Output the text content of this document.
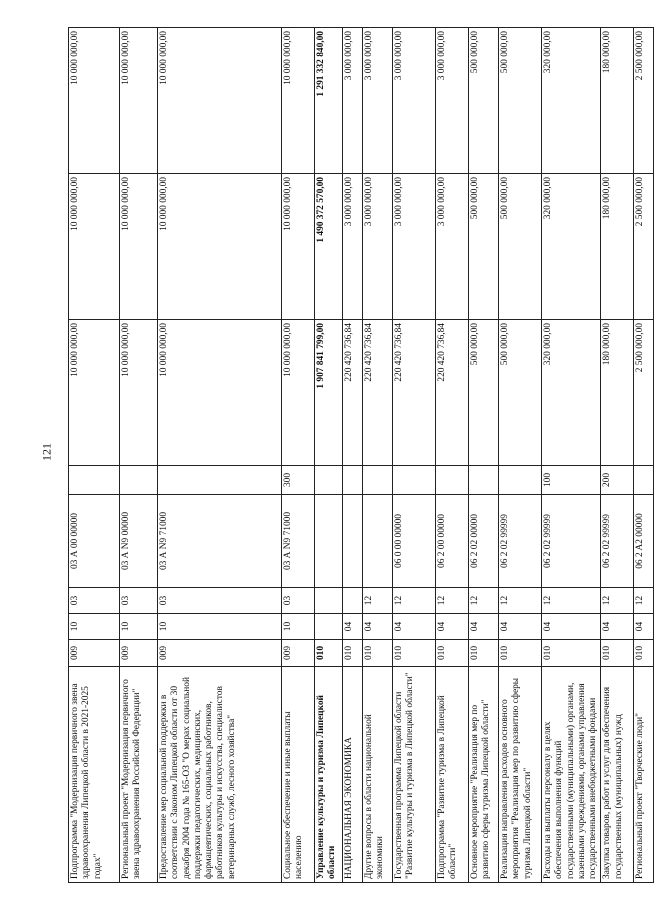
121
Подпрограмма "Модернизация первичного звена здравоохранения Липецкой области в 2021-2025 годах"	009	10	03	03 А 00 00000		10 000 000,00	10 000 000,00	10 000 000,00
Региональный проект "Модернизация первичного звена здравоохранения Российской Федерации"	009	10	03	03 А N9 00000		10 000 000,00	10 000 000,00	10 000 000,00
Предоставление мер социальной поддержки в соответствии с Законом Липецкой области от 30 декабря 2004 года № 165-ОЗ "О мерах социальной поддержки педагогических, медицинских, фармацевтических, социальных работников, работников культуры и искусства, специалистов ветеринарных служб, лесного хозяйства"	009	10	03	03 А N9 71000		10 000 000,00	10 000 000,00	10 000 000,00
Социальное обеспечение и иные выплаты населению	009	10	03	03 А N9 71000	300	10 000 000,00	10 000 000,00	10 000 000,00
Управление культуры и туризма Липецкой области	010					1 907 841 799,00	1 490 372 570,00	1 291 332 840,00
НАЦИОНАЛЬНАЯ ЭКОНОМИКА	010	04				220 420 736,84	3 000 000,00	3 000 000,00
Другие вопросы в области национальной экономики	010	04	12			220 420 736,84	3 000 000,00	3 000 000,00
Государственная программа Липецкой области "Развитие культуры и туризма в Липецкой области"	010	04	12	06 0 00 00000		220 420 736,84	3 000 000,00	3 000 000,00
Подпрограмма "Развитие туризма в Липецкой области"	010	04	12	06 2 00 00000		220 420 736,84	3 000 000,00	3 000 000,00
Основное мероприятие "Реализация мер по развитию сферы туризма Липецкой области"	010	04	12	06 2 02 00000		500 000,00	500 000,00	500 000,00
Реализация направления расходов основного мероприятия "Реализация мер по развитию сферы туризма Липецкой области"	010	04	12	06 2 02 99999		500 000,00	500 000,00	500 000,00
Расходы на выплаты персоналу в целях обеспечения выполнения функций государственными (муниципальными) органами, казенными учреждениями, органами управления государственными внебюджетными фондами	010	04	12	06 2 02 99999	100	320 000,00	320 000,00	320 000,00
Закупка товаров, работ и услуг для обеспечения государственных (муниципальных) нужд	010	04	12	06 2 02 99999	200	180 000,00	180 000,00	180 000,00
Региональный проект "Творческие люди"	010	04	12	06 2 A2 00000		2 500 000,00	2 500 000,00	2 500 000,00
